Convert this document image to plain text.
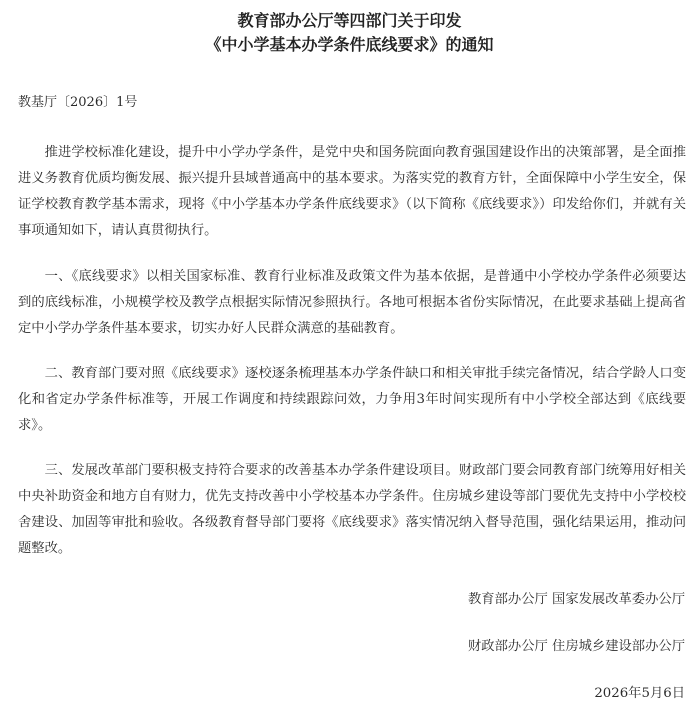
教育部办公厅等四部门关于印发
《中小学基本办学条件底线要求》的通知
教基厅〔2026〕1号

推进学校标准化建设，提升中小学办学条件，是党中央和国务院面向教育强国建设作出的决策部署，是全面推进义务教育优质均衡发展、振兴提升县域普通高中的基本要求。为落实党的教育方针，全面保障中小学生安全，保证学校教育教学基本需求，现将《中小学基本办学条件底线要求》（以下简称《底线要求》）印发给你们，并就有关事项通知如下，请认真贯彻执行。

一、《底线要求》以相关国家标准、教育行业标准及政策文件为基本依据，是普通中小学校办学条件必须要达到的底线标准，小规模学校及教学点根据实际情况参照执行。各地可根据本省份实际情况，在此要求基础上提高省定中小学办学条件基本要求，切实办好人民群众满意的基础教育。

二、教育部门要对照《底线要求》逐校逐条梳理基本办学条件缺口和相关审批手续完备情况，结合学龄人口变化和省定办学条件标准等，开展工作调度和持续跟踪问效，力争用3年时间实现所有中小学校全部达到《底线要求》。

三、发展改革部门要积极支持符合要求的改善基本办学条件建设项目。财政部门要会同教育部门统筹用好相关中央补助资金和地方自有财力，优先支持改善中小学校基本办学条件。住房城乡建设等部门要优先支持中小学校校舍建设、加固等审批和验收。各级教育督导部门要将《底线要求》落实情况纳入督导范围，强化结果运用，推动问题整改。

教育部办公厅 国家发展改革委办公厅
财政部办公厅 住房城乡建设部办公厅
2026年5月6日
